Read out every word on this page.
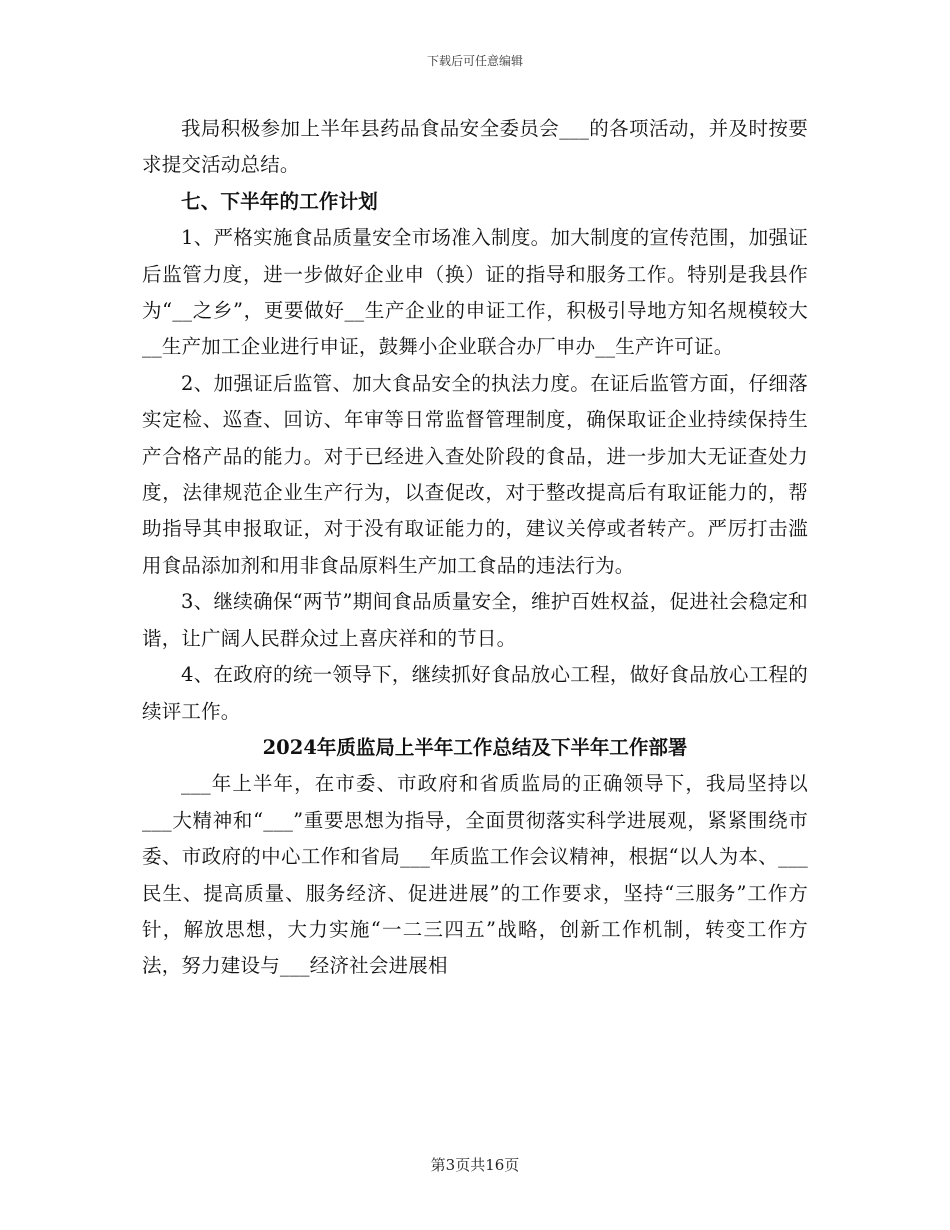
下载后可任意编辑

我局积极参加上半年县药品食品安全委员会___的各项活动，并及时按要求提交活动总结。

七、下半年的工作计划

1、严格实施食品质量安全市场准入制度。加大制度的宣传范围，加强证后监管力度，进一步做好企业申（换）证的指导和服务工作。特别是我县作为“__之乡”，更要做好__生产企业的申证工作，积极引导地方知名规模较大__生产加工企业进行申证，鼓舞小企业联合办厂申办__生产许可证。

2、加强证后监管、加大食品安全的执法力度。在证后监管方面，仔细落实定检、巡查、回访、年审等日常监督管理制度，确保取证企业持续保持生产合格产品的能力。对于已经进入查处阶段的食品，进一步加大无证查处力度，法律规范企业生产行为，以查促改，对于整改提高后有取证能力的，帮助指导其申报取证，对于没有取证能力的，建议关停或者转产。严厉打击滥用食品添加剂和用非食品原料生产加工食品的违法行为。

3、继续确保“两节”期间食品质量安全，维护百姓权益，促进社会稳定和谐，让广阔人民群众过上喜庆祥和的节日。

4、在政府的统一领导下，继续抓好食品放心工程，做好食品放心工程的续评工作。

2024年质监局上半年工作总结及下半年工作部署

___年上半年，在市委、市政府和省质监局的正确领导下，我局坚持以___大精神和“___”重要思想为指导，全面贯彻落实科学进展观，紧紧围绕市委、市政府的中心工作和省局___年质监工作会议精神，根据“以人为本、___民生、提高质量、服务经济、促进进展”的工作要求，坚持“三服务”工作方针，解放思想，大力实施“一二三四五”战略，创新工作机制，转变工作方法，努力建设与___经济社会进展相

第3页共16页
